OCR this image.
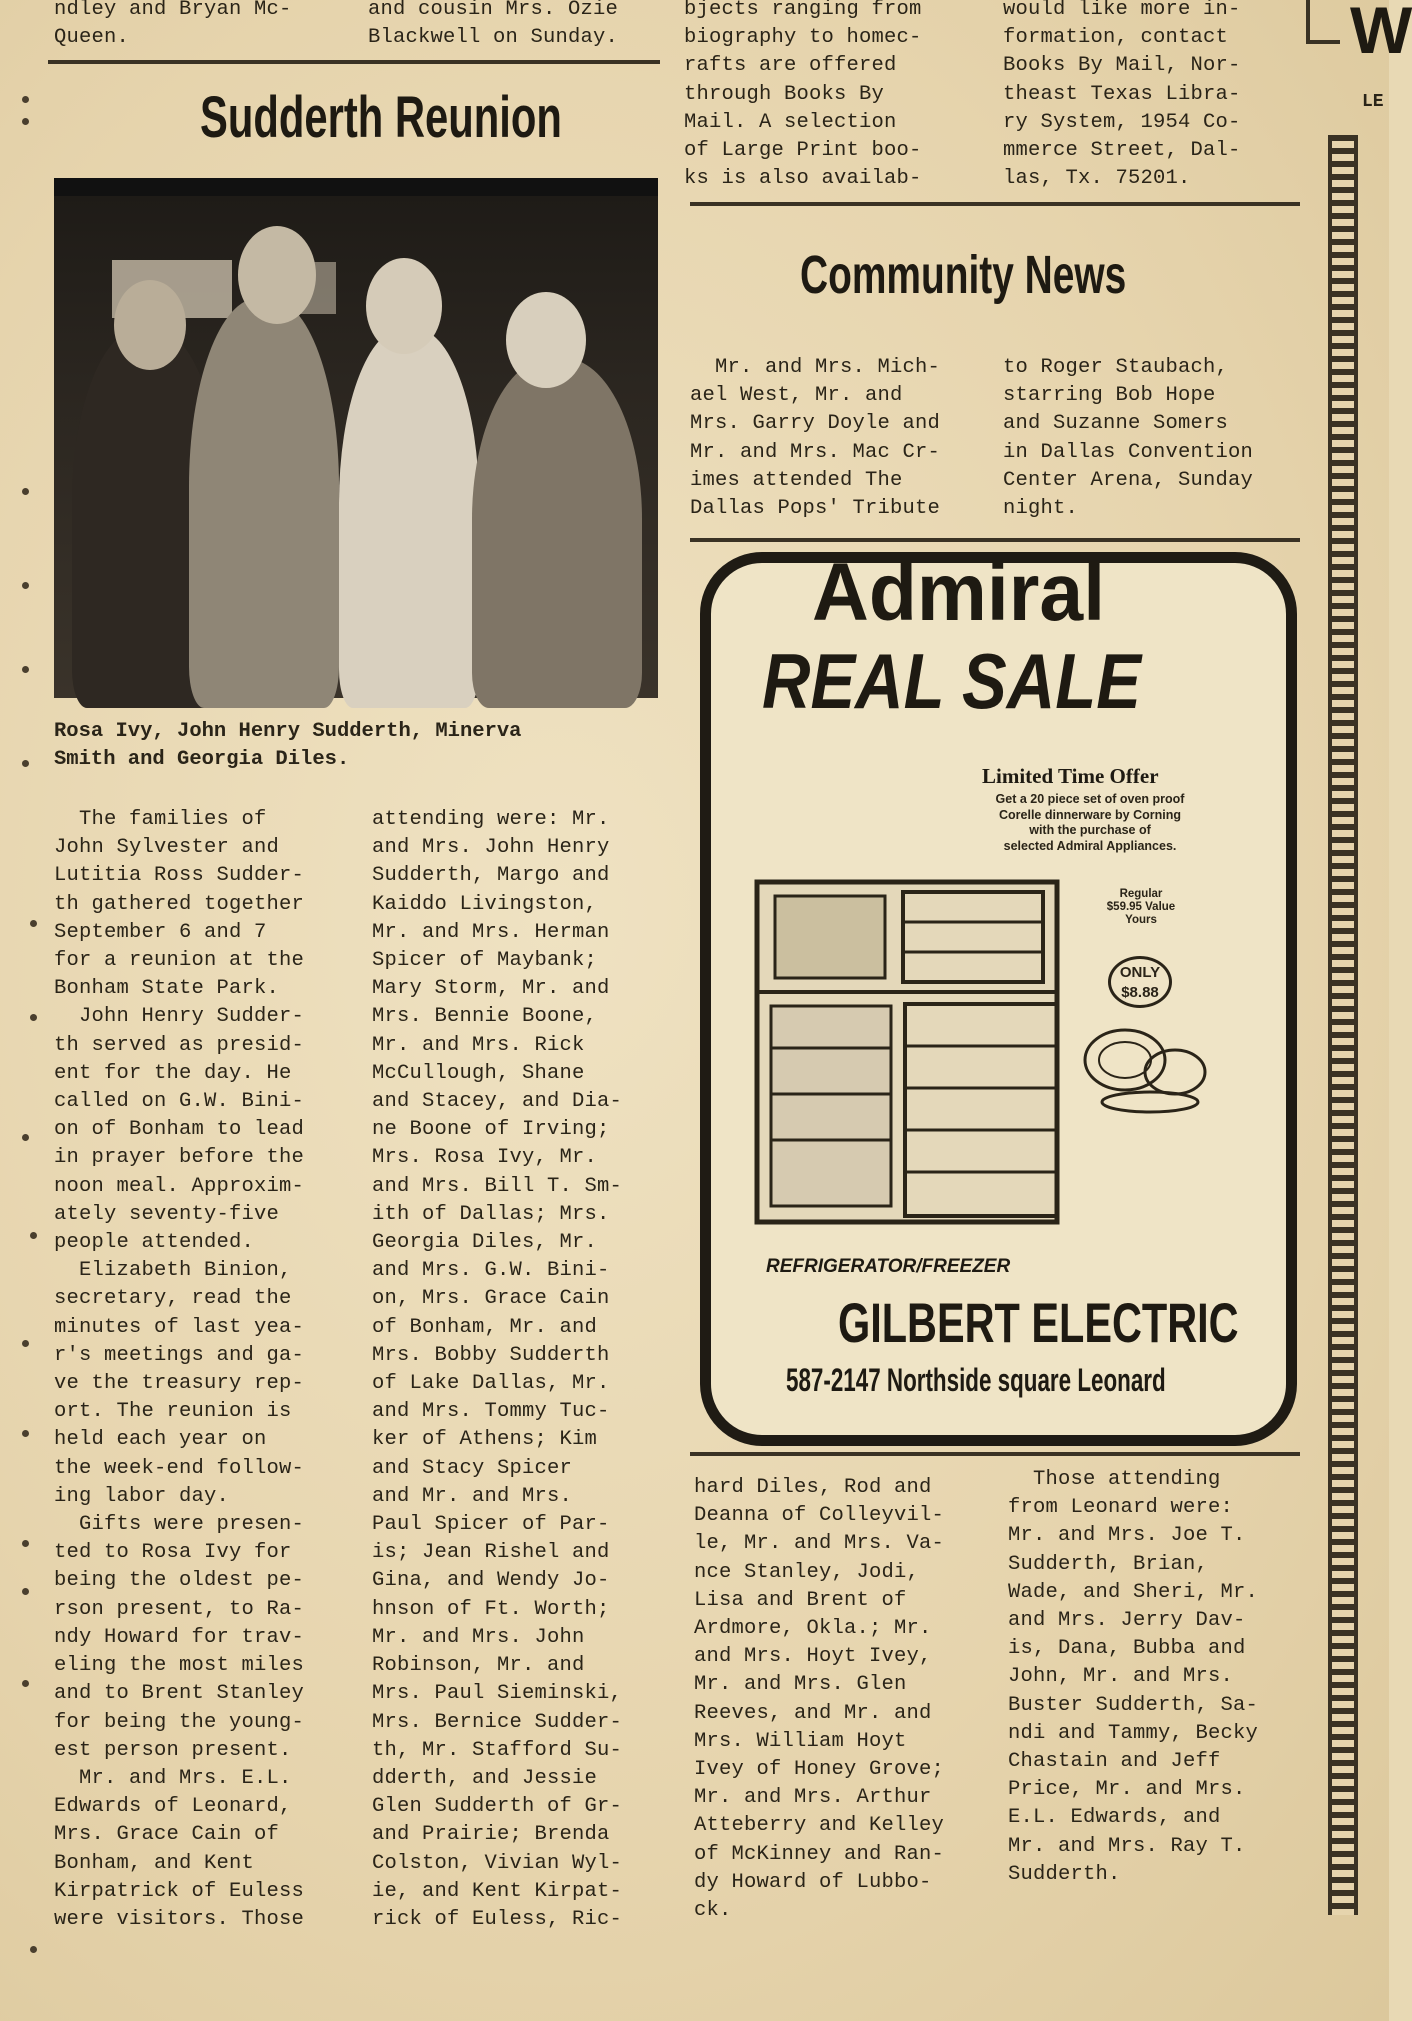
ndley and Bryan Mc-
Queen.
and cousin Mrs. Ozie
Blackwell on Sunday.
bjects ranging from
biography to homec-
rafts are offered
through Books By
Mail. A selection
of Large Print boo-
ks is also availab-
would like more in-
formation, contact
Books By Mail, Nor-
theast Texas Libra-
ry System, 1954 Co-
mmerce Street, Dal-
las, Tx. 75201.
W
LE
Sudderth Reunion
Rosa Ivy, John Henry Sudderth, Minerva
Smith and Georgia Diles.
The families of
John Sylvester and
Lutitia Ross Sudder-
th gathered together
September 6 and 7
for a reunion at the
Bonham State Park.
John Henry Sudder-
th served as presid-
ent for the day. He
called on G.W. Bini-
on of Bonham to lead
in prayer before the
noon meal. Approxim-
ately seventy-five
people attended.
Elizabeth Binion,
secretary, read the
minutes of last yea-
r's meetings and ga-
ve the treasury rep-
ort. The reunion is
held each year on
the week-end follow-
ing labor day.
Gifts were presen-
ted to Rosa Ivy for
being the oldest pe-
rson present, to Ra-
ndy Howard for trav-
eling the most miles
and to Brent Stanley
for being the young-
est person present.
Mr. and Mrs. E.L.
Edwards of Leonard,
Mrs. Grace Cain of
Bonham, and Kent
Kirpatrick of Euless
were visitors. Those
attending were: Mr.
and Mrs. John Henry
Sudderth, Margo and
Kaiddo Livingston,
Mr. and Mrs. Herman
Spicer of Maybank;
Mary Storm, Mr. and
Mrs. Bennie Boone,
Mr. and Mrs. Rick
McCullough, Shane
and Stacey, and Dia-
ne Boone of Irving;
Mrs. Rosa Ivy, Mr.
and Mrs. Bill T. Sm-
ith of Dallas; Mrs.
Georgia Diles, Mr.
and Mrs. G.W. Bini-
on, Mrs. Grace Cain
of Bonham, Mr. and
Mrs. Bobby Sudderth
of Lake Dallas, Mr.
and Mrs. Tommy Tuc-
ker of Athens; Kim
and Stacy Spicer
and Mr. and Mrs.
Paul Spicer of Par-
is; Jean Rishel and
Gina, and Wendy Jo-
hnson of Ft. Worth;
Mr. and Mrs. John
Robinson, Mr. and
Mrs. Paul Sieminski,
Mrs. Bernice Sudder-
th, Mr. Stafford Su-
dderth, and Jessie
Glen Sudderth of Gr-
and Prairie; Brenda
Colston, Vivian Wyl-
ie, and Kent Kirpat-
rick of Euless, Ric-
hard Diles, Rod and
Deanna of Colleyvil-
le, Mr. and Mrs. Va-
nce Stanley, Jodi,
Lisa and Brent of
Ardmore, Okla.; Mr.
and Mrs. Hoyt Ivey,
Mr. and Mrs. Glen
Reeves, and Mr. and
Mrs. William Hoyt
Ivey of Honey Grove;
Mr. and Mrs. Arthur
Atteberry and Kelley
of McKinney and Ran-
dy Howard of Lubbo-
ck.
Those attending
from Leonard were:
Mr. and Mrs. Joe T.
Sudderth, Brian,
Wade, and Sheri, Mr.
and Mrs. Jerry Dav-
is, Dana, Bubba and
John, Mr. and Mrs.
Buster Sudderth, Sa-
ndi and Tammy, Becky
Chastain and Jeff
Price, Mr. and Mrs.
E.L. Edwards, and
Mr. and Mrs. Ray T.
Sudderth.
Community News
Mr. and Mrs. Mich-
ael West, Mr. and
Mrs. Garry Doyle and
Mr. and Mrs. Mac Cr-
imes attended The
Dallas Pops' Tribute
to Roger Staubach,
starring Bob Hope
and Suzanne Somers
in Dallas Convention
Center Arena, Sunday
night.
Admiral
REAL SALE
Limited Time Offer
Get a 20 piece set of oven proof
Corelle dinnerware by Corning
with the purchase of
selected Admiral Appliances.
Regular
$59.95 Value
Yours
ONLY
$8.88
REFRIGERATOR/FREEZER
GILBERT ELECTRIC
587-2147 Northside square Leonard
